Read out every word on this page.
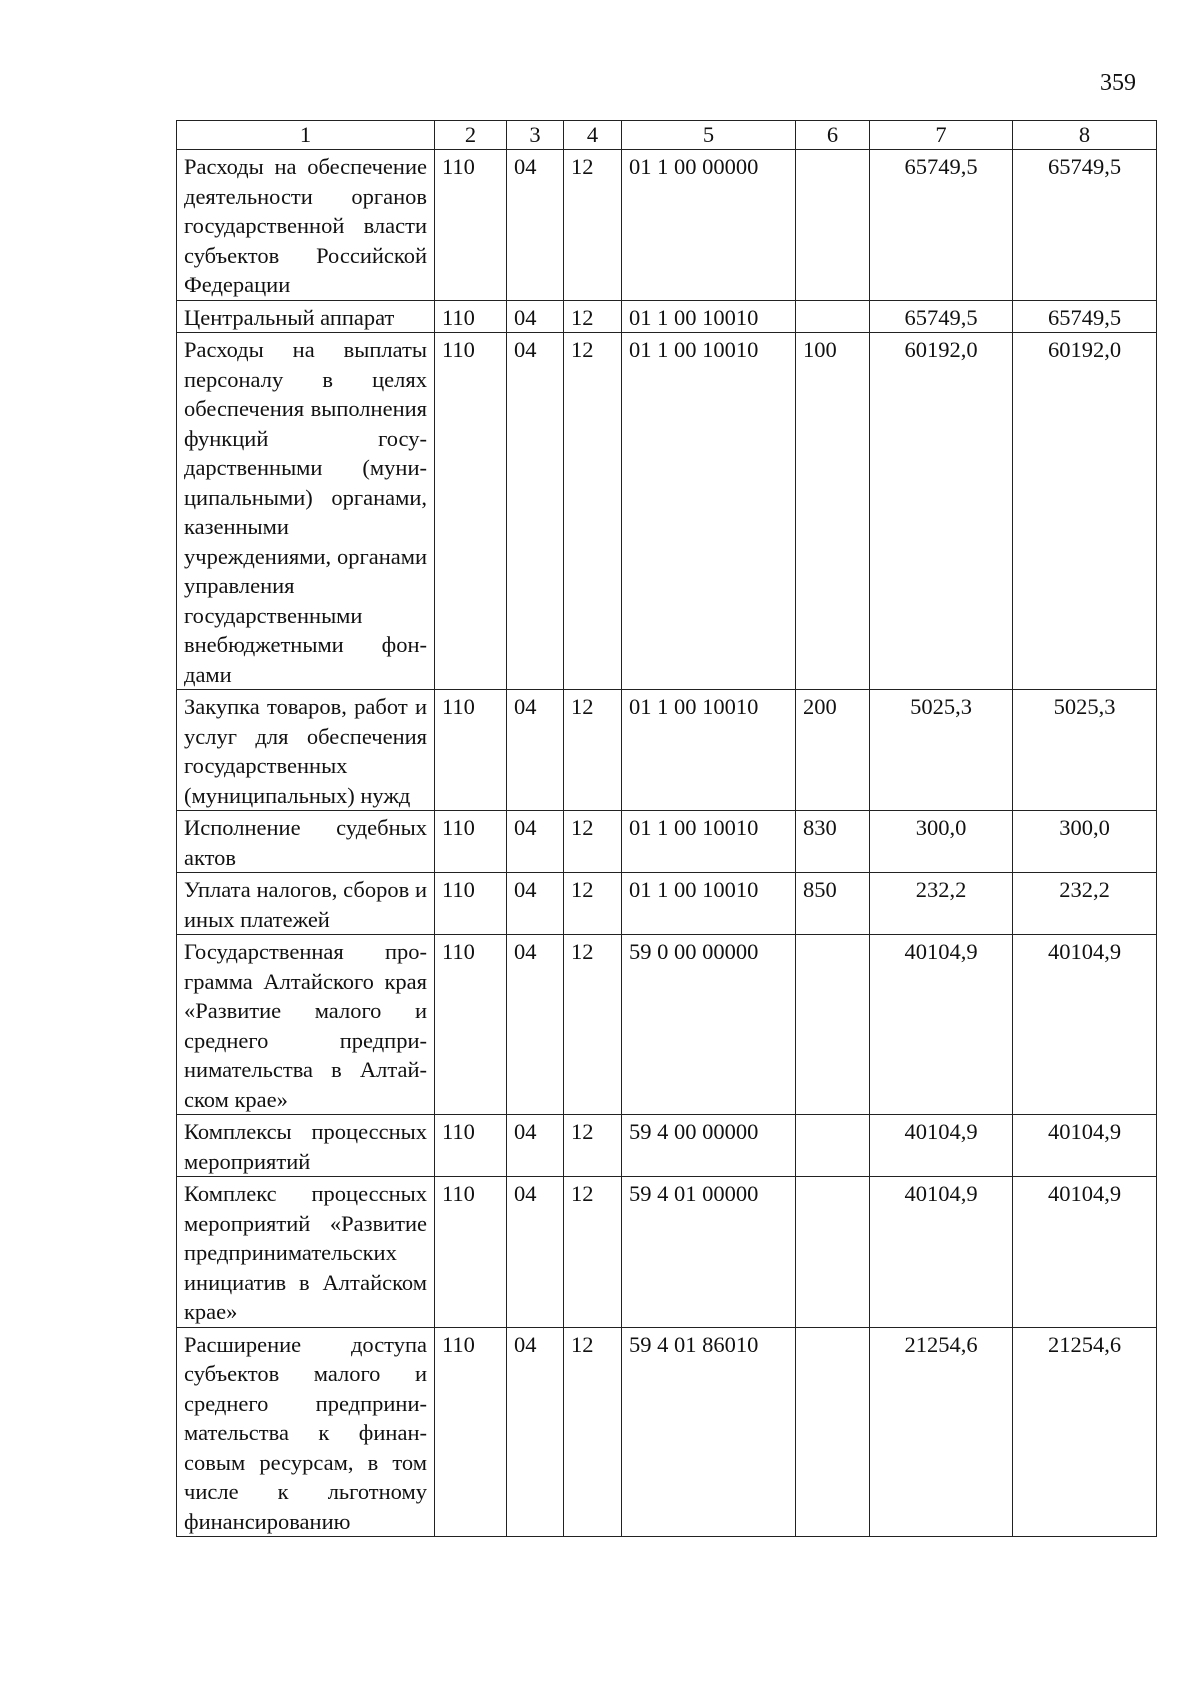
359
1	2	3	4	5	6	7	8
Расходы на обеспечение деятельности органов государственной власти субъектов Российской Федерации	110	04	12	01 1 00 00000		65749,5	65749,5
Центральный аппарат	110	04	12	01 1 00 10010		65749,5	65749,5
Расходы на выплаты персоналу в целях обеспечения выполнения функций государственными (муниципальными) органами, казенными учреждениями, органами управления государственными внебюджетными фондами	110	04	12	01 1 00 10010	100	60192,0	60192,0
Закупка товаров, работ и услуг для обеспечения государственных (муниципальных) нужд	110	04	12	01 1 00 10010	200	5025,3	5025,3
Исполнение судебных актов	110	04	12	01 1 00 10010	830	300,0	300,0
Уплата налогов, сборов и иных платежей	110	04	12	01 1 00 10010	850	232,2	232,2
Государственная программа Алтайского края «Развитие малого и среднего предпринимательства в Алтайском крае»	110	04	12	59 0 00 00000		40104,9	40104,9
Комплексы процессных мероприятий	110	04	12	59 4 00 00000		40104,9	40104,9
Комплекс процессных мероприятий «Развитие предпринимательских инициатив в Алтайском крае»	110	04	12	59 4 01 00000		40104,9	40104,9
Расширение доступа субъектов малого и среднего предпринимательства к финансовым ресурсам, в том числе к льготному финансированию	110	04	12	59 4 01 86010		21254,6	21254,6
